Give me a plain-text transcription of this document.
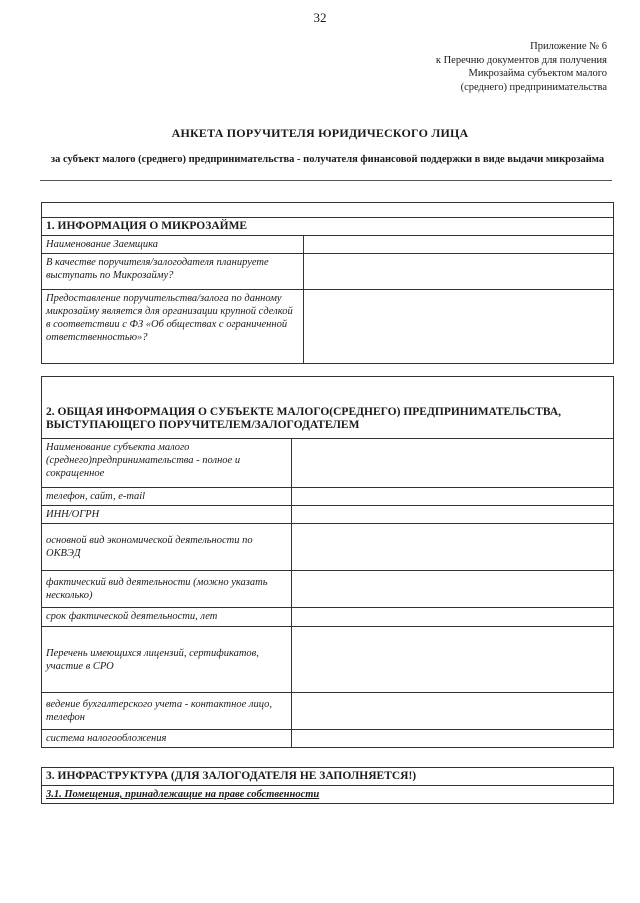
32
Приложение № 6
к Перечню документов для получения
Микрозайма субъектом малого
(среднего) предпринимательства
АНКЕТА ПОРУЧИТЕЛЯ ЮРИДИЧЕСКОГО ЛИЦА
за субъект малого (среднего) предпринимательства - получателя финансовой поддержки в виде выдачи микрозайма

1. ИНФОРМАЦИЯ О МИКРОЗАЙМЕ	
Наименование Заемщика	
В качестве поручителя/залогодателя планируете выступать по Микрозайму?	
Предоставление поручительства/залога по данному микрозайму является для организации крупной сделкой в соответствии с ФЗ «Об обществах с ограниченной ответственностью»?	
2. ОБЩАЯ ИНФОРМАЦИЯ О СУБЪЕКТЕ МАЛОГО(СРЕДНЕГО) ПРЕДПРИНИМАТЕЛЬСТВА, ВЫСТУПАЮЩЕГО ПОРУЧИТЕЛЕМ/ЗАЛОГОДАТЕЛЕМ	
Наименование субъекта малого (среднего)предпринимательства - полное и сокращенное	
телефон, сайт, e-mail	
ИНН/ОГРН	
основной вид экономической деятельности по ОКВЭД	
фактический вид деятельности (можно указать несколько)	
срок фактической деятельности, лет	
Перечень имеющихся лицензий, сертификатов, участие в СРО	
ведение бухгалтерского учета - контактное лицо, телефон	
система налогообложения	
3. ИНФРАСТРУКТУРА (ДЛЯ ЗАЛОГОДАТЕЛЯ НЕ ЗАПОЛНЯЕТСЯ!)
3.1. Помещения, принадлежащие на праве собственности
